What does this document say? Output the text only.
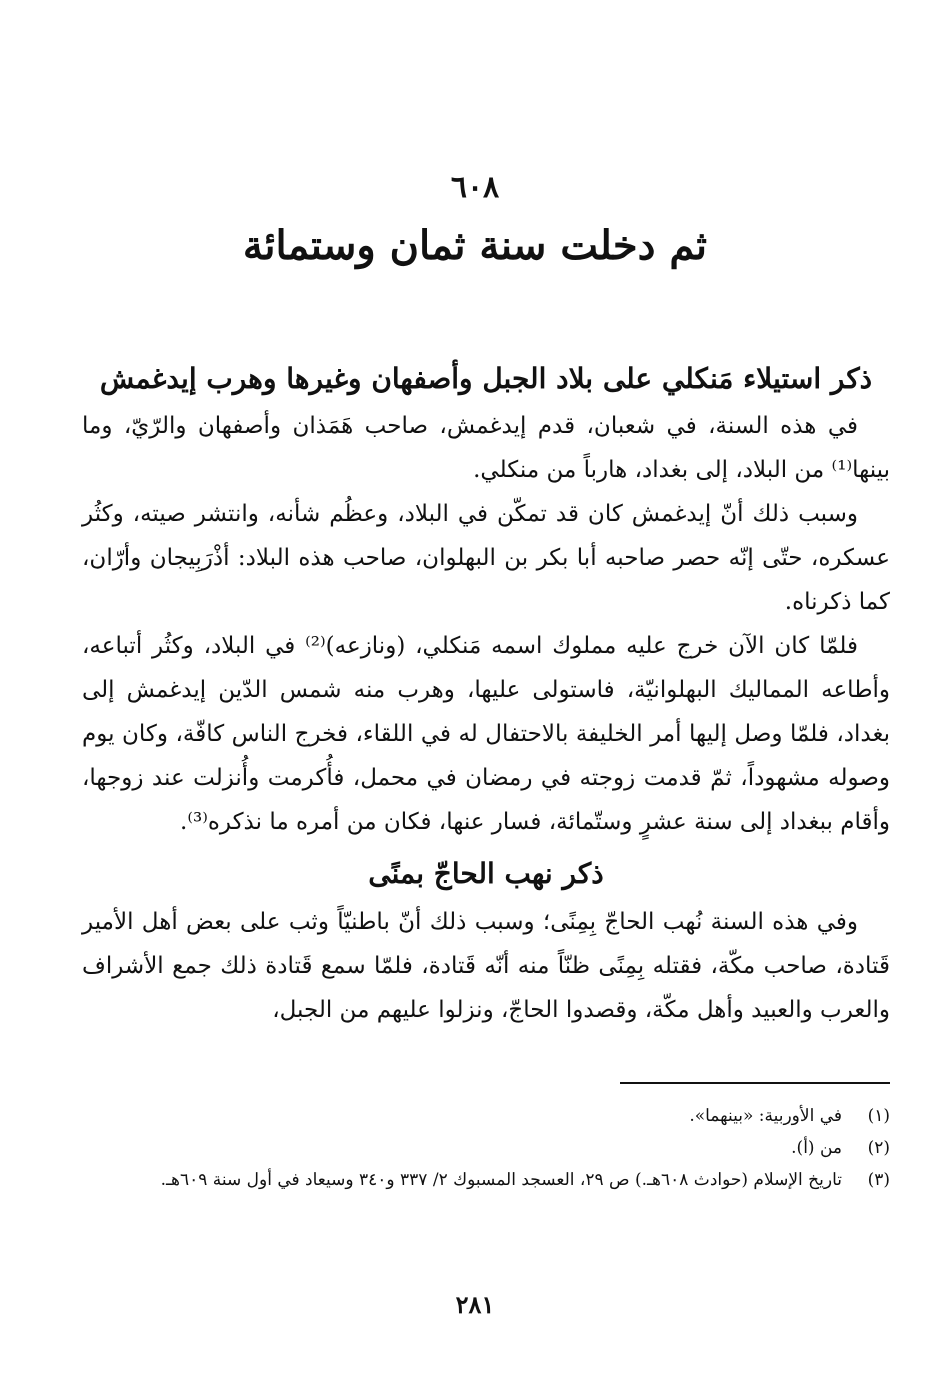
٦٠٨
ثم دخلت سنة ثمان وستمائة
ذكر استيلاء مَنكلي على بلاد الجبل وأصفهان وغيرها وهرب إيدغمش

في هذه السنة، في شعبان، قدم إيدغمش، صاحب هَمَذان وأصفهان والرّيّ، وما بينها⁽¹⁾ من البلاد، إلى بغداد، هارباً من منكلي.

وسبب ذلك أنّ إيدغمش كان قد تمكّن في البلاد، وعظُم شأنه، وانتشر صيته، وكثُر عسكره، حتّى إنّه حصر صاحبه أبا بكر بن البهلوان، صاحب هذه البلاد: أذْرَبِيجان وأرّان، كما ذكرناه.

فلمّا كان الآن خرج عليه مملوك اسمه مَنكلي، (ونازعه)⁽²⁾ في البلاد، وكثُر أتباعه، وأطاعه المماليك البهلوانيّة، فاستولى عليها، وهرب منه شمس الدّين إيدغمش إلى بغداد، فلمّا وصل إليها أمر الخليفة بالاحتفال له في اللقاء، فخرج الناس كافّة، وكان يوم وصوله مشهوداً، ثمّ قدمت زوجته في رمضان في محمل، فأُكرمت وأُنزلت عند زوجها، وأقام ببغداد إلى سنة عشرٍ وستّمائة، فسار عنها، فكان من أمره ما نذكره⁽³⁾.

ذكر نهب الحاجّ بمنًى

وفي هذه السنة نُهب الحاجّ بِمِنًى؛ وسبب ذلك أنّ باطنيّاً وثب على بعض أهل الأمير قَتادة، صاحب مكّة، فقتله بِمِنًى ظنّاً منه أنّه قَتادة، فلمّا سمع قَتادة ذلك جمع الأشراف والعرب والعبيد وأهل مكّة، وقصدوا الحاجّ، ونزلوا عليهم من الجبل،

(١)
في الأوربية: «بينهما».
(٢)
من (أ).
(٣)
تاريخ الإسلام (حوادث ٦٠٨هـ.) ص ٢٩، العسجد المسبوك ٢/ ٣٣٧ و٣٤٠ وسيعاد في أول سنة ٦٠٩هـ.
٢٨١
